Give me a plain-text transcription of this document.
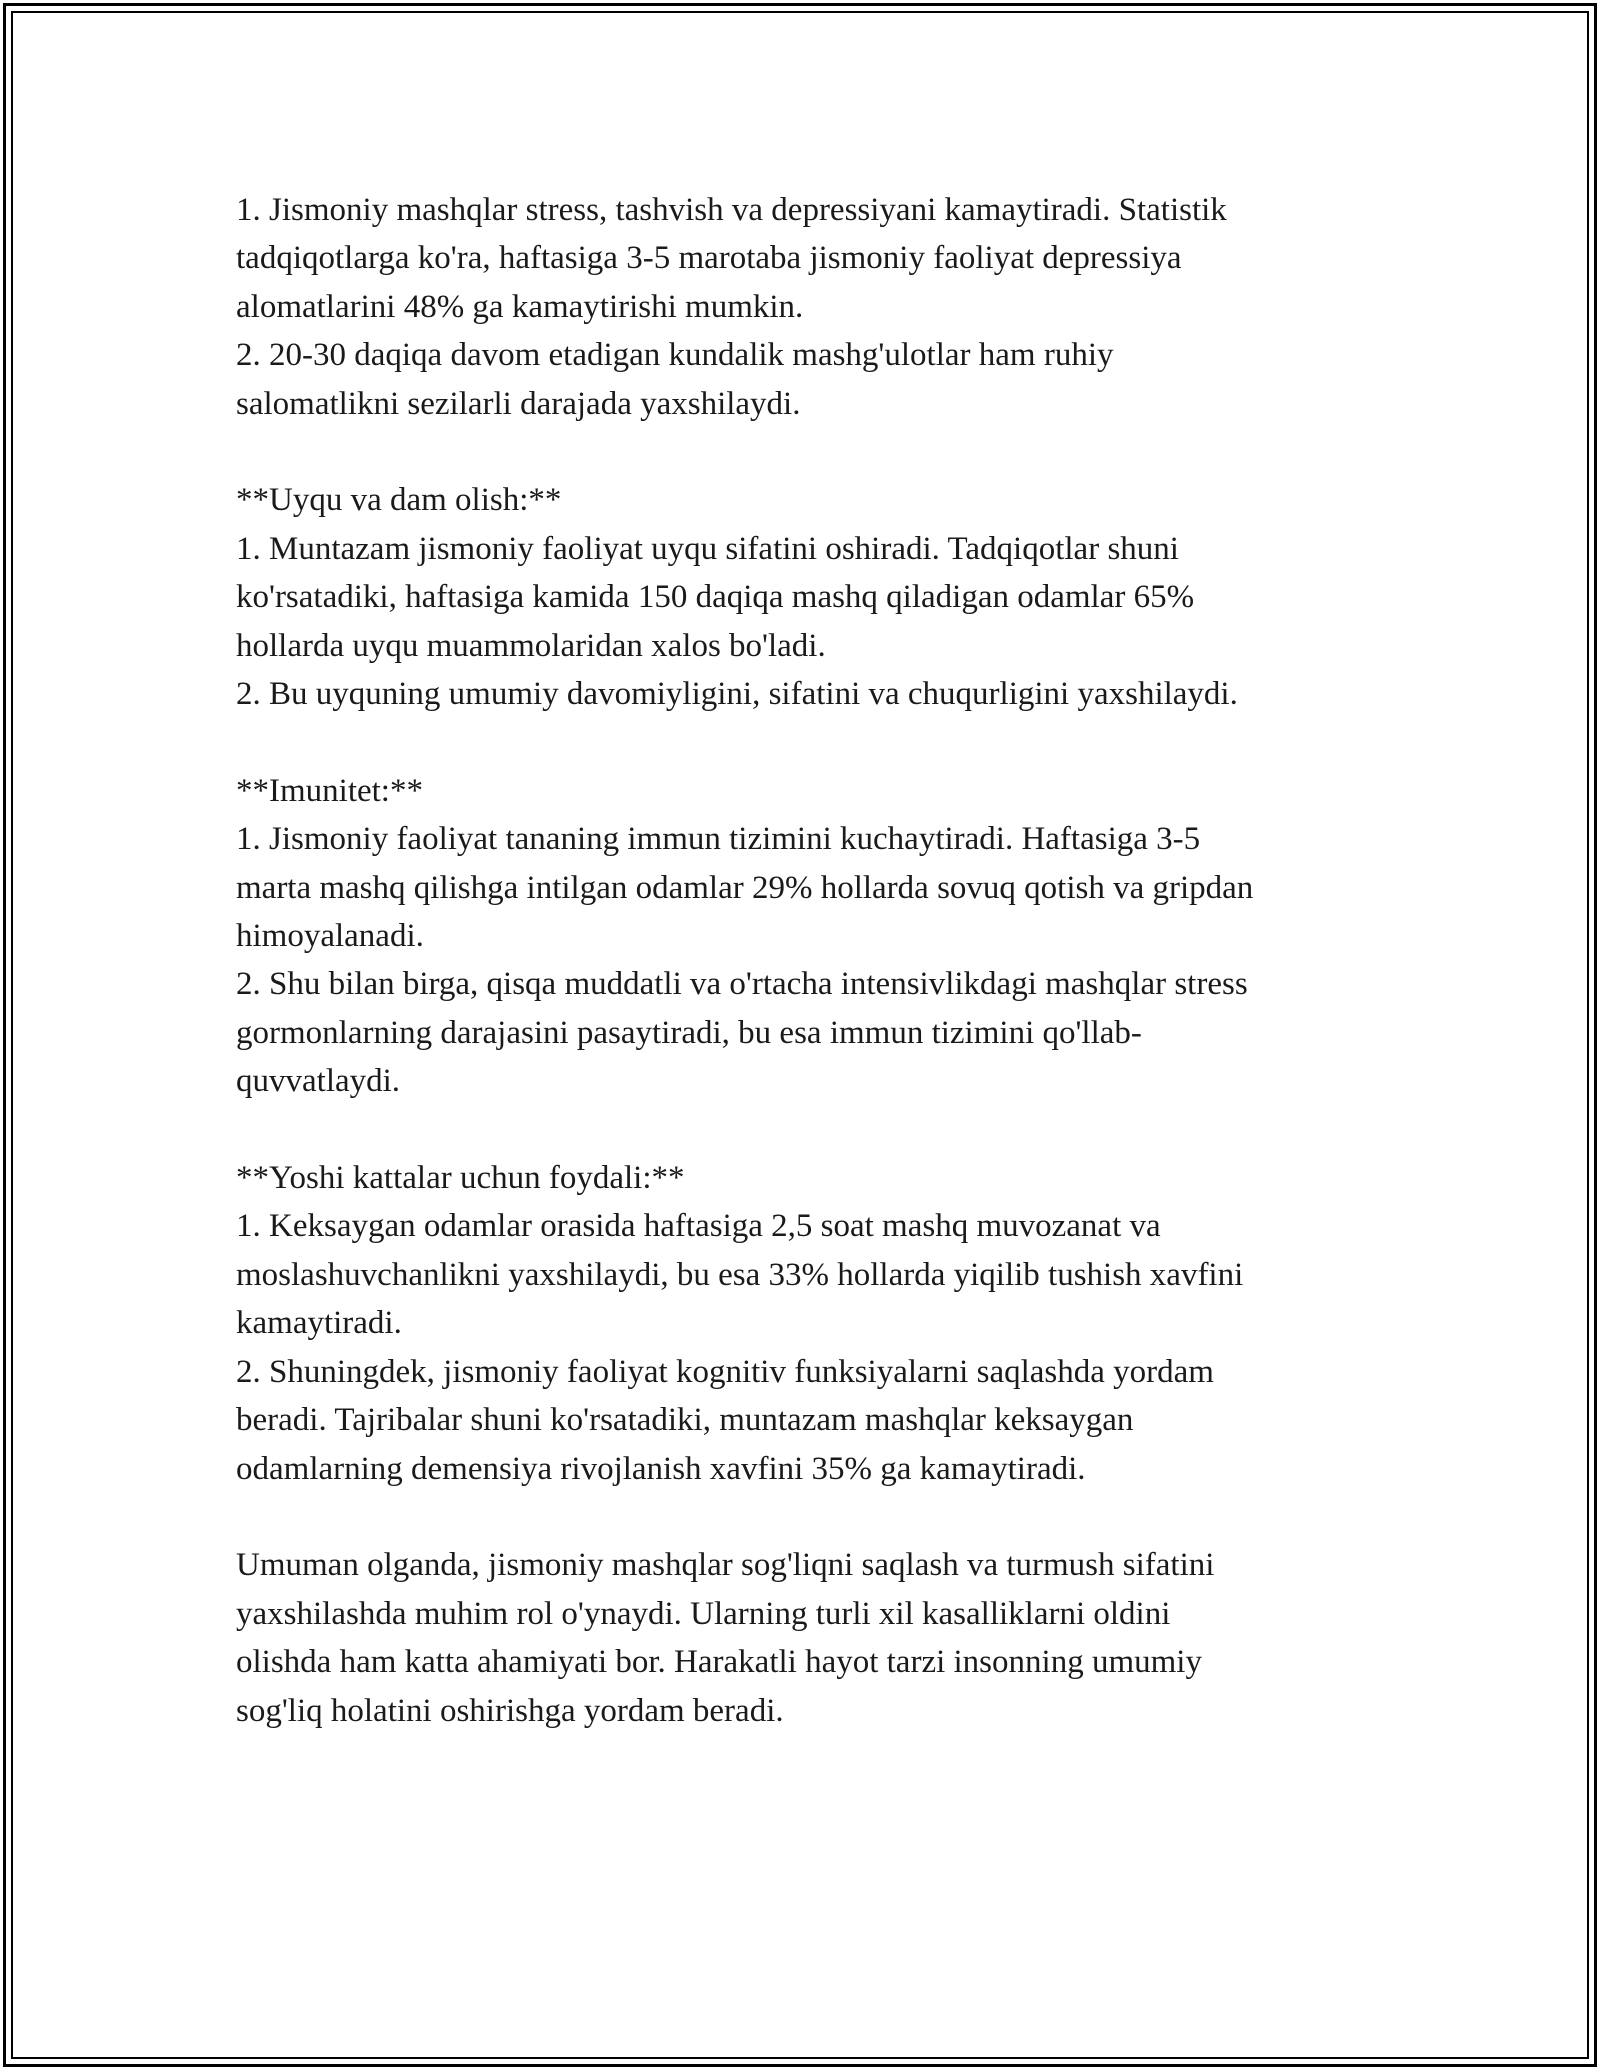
1. Jismoniy mashqlar stress, tashvish va depressiyani kamaytiradi. Statistik

tadqiqotlarga ko'ra, haftasiga 3-5 marotaba jismoniy faoliyat depressiya

alomatlarini 48% ga kamaytirishi mumkin.

2. 20-30 daqiqa davom etadigan kundalik mashg'ulotlar ham ruhiy

salomatlikni sezilarli darajada yaxshilaydi.

**Uyqu va dam olish:**

1. Muntazam jismoniy faoliyat uyqu sifatini oshiradi. Tadqiqotlar shuni

ko'rsatadiki, haftasiga kamida 150 daqiqa mashq qiladigan odamlar 65%

hollarda uyqu muammolaridan xalos bo'ladi.

2. Bu uyquning umumiy davomiyligini, sifatini va chuqurligini yaxshilaydi.

**Imunitet:**

1. Jismoniy faoliyat tananing immun tizimini kuchaytiradi. Haftasiga 3-5

marta mashq qilishga intilgan odamlar 29% hollarda sovuq qotish va gripdan

himoyalanadi.

2. Shu bilan birga, qisqa muddatli va o'rtacha intensivlikdagi mashqlar stress

gormonlarning darajasini pasaytiradi, bu esa immun tizimini qo'llab-

quvvatlaydi.

**Yoshi kattalar uchun foydali:**

1. Keksaygan odamlar orasida haftasiga 2,5 soat mashq muvozanat va

moslashuvchanlikni yaxshilaydi, bu esa 33% hollarda yiqilib tushish xavfini

kamaytiradi.

2. Shuningdek, jismoniy faoliyat kognitiv funksiyalarni saqlashda yordam

beradi. Tajribalar shuni ko'rsatadiki, muntazam mashqlar keksaygan

odamlarning demensiya rivojlanish xavfini 35% ga kamaytiradi.

Umuman olganda, jismoniy mashqlar sog'liqni saqlash va turmush sifatini

yaxshilashda muhim rol o'ynaydi. Ularning turli xil kasalliklarni oldini

olishda ham katta ahamiyati bor. Harakatli hayot tarzi insonning umumiy

sog'liq holatini oshirishga yordam beradi.
